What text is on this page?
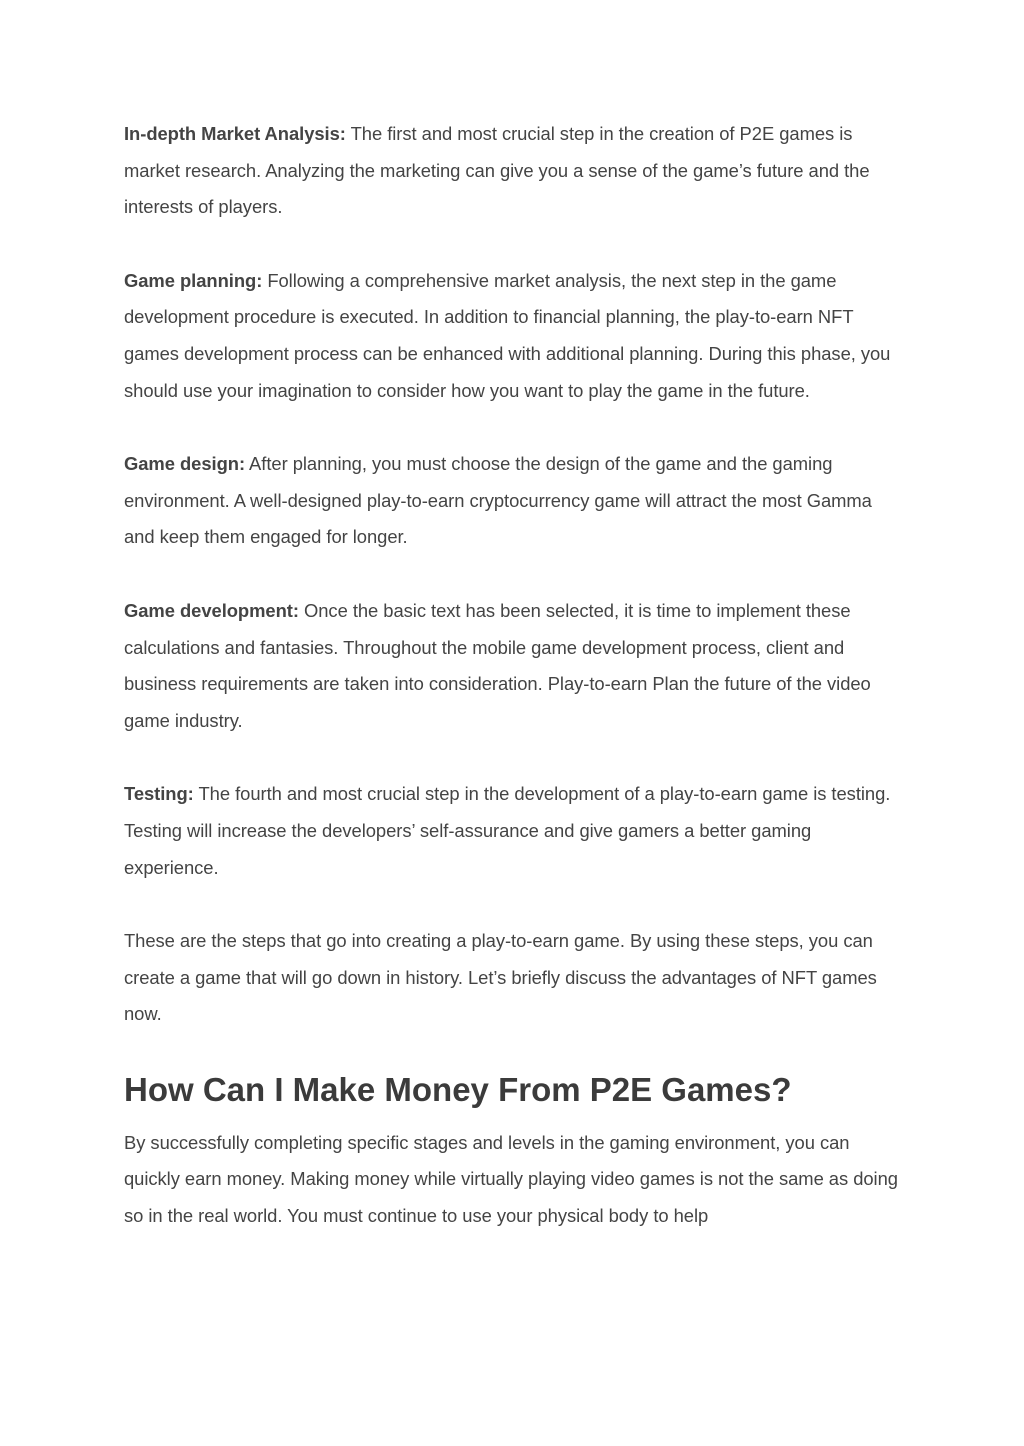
In-depth Market Analysis: The first and most crucial step in the creation of P2E games is market research. Analyzing the marketing can give you a sense of the game’s future and the interests of players.

Game planning: Following a comprehensive market analysis, the next step in the game development procedure is executed. In addition to financial planning, the play-to-earn NFT games development process can be enhanced with additional planning. During this phase, you should use your imagination to consider how you want to play the game in the future.

Game design: After planning, you must choose the design of the game and the gaming environment. A well-designed play-to-earn cryptocurrency game will attract the most Gamma and keep them engaged for longer.

Game development: Once the basic text has been selected, it is time to implement these calculations and fantasies. Throughout the mobile game development process, client and business requirements are taken into consideration. Play-to-earn Plan the future of the video game industry.

Testing: The fourth and most crucial step in the development of a play-to-earn game is testing. Testing will increase the developers’ self-assurance and give gamers a better gaming experience.

These are the steps that go into creating a play-to-earn game. By using these steps, you can create a game that will go down in history. Let’s briefly discuss the advantages of NFT games now.

How Can I Make Money From P2E Games?

By successfully completing specific stages and levels in the gaming environment, you can quickly earn money. Making money while virtually playing video games is not the same as doing so in the real world. You must continue to use your physical body to help
